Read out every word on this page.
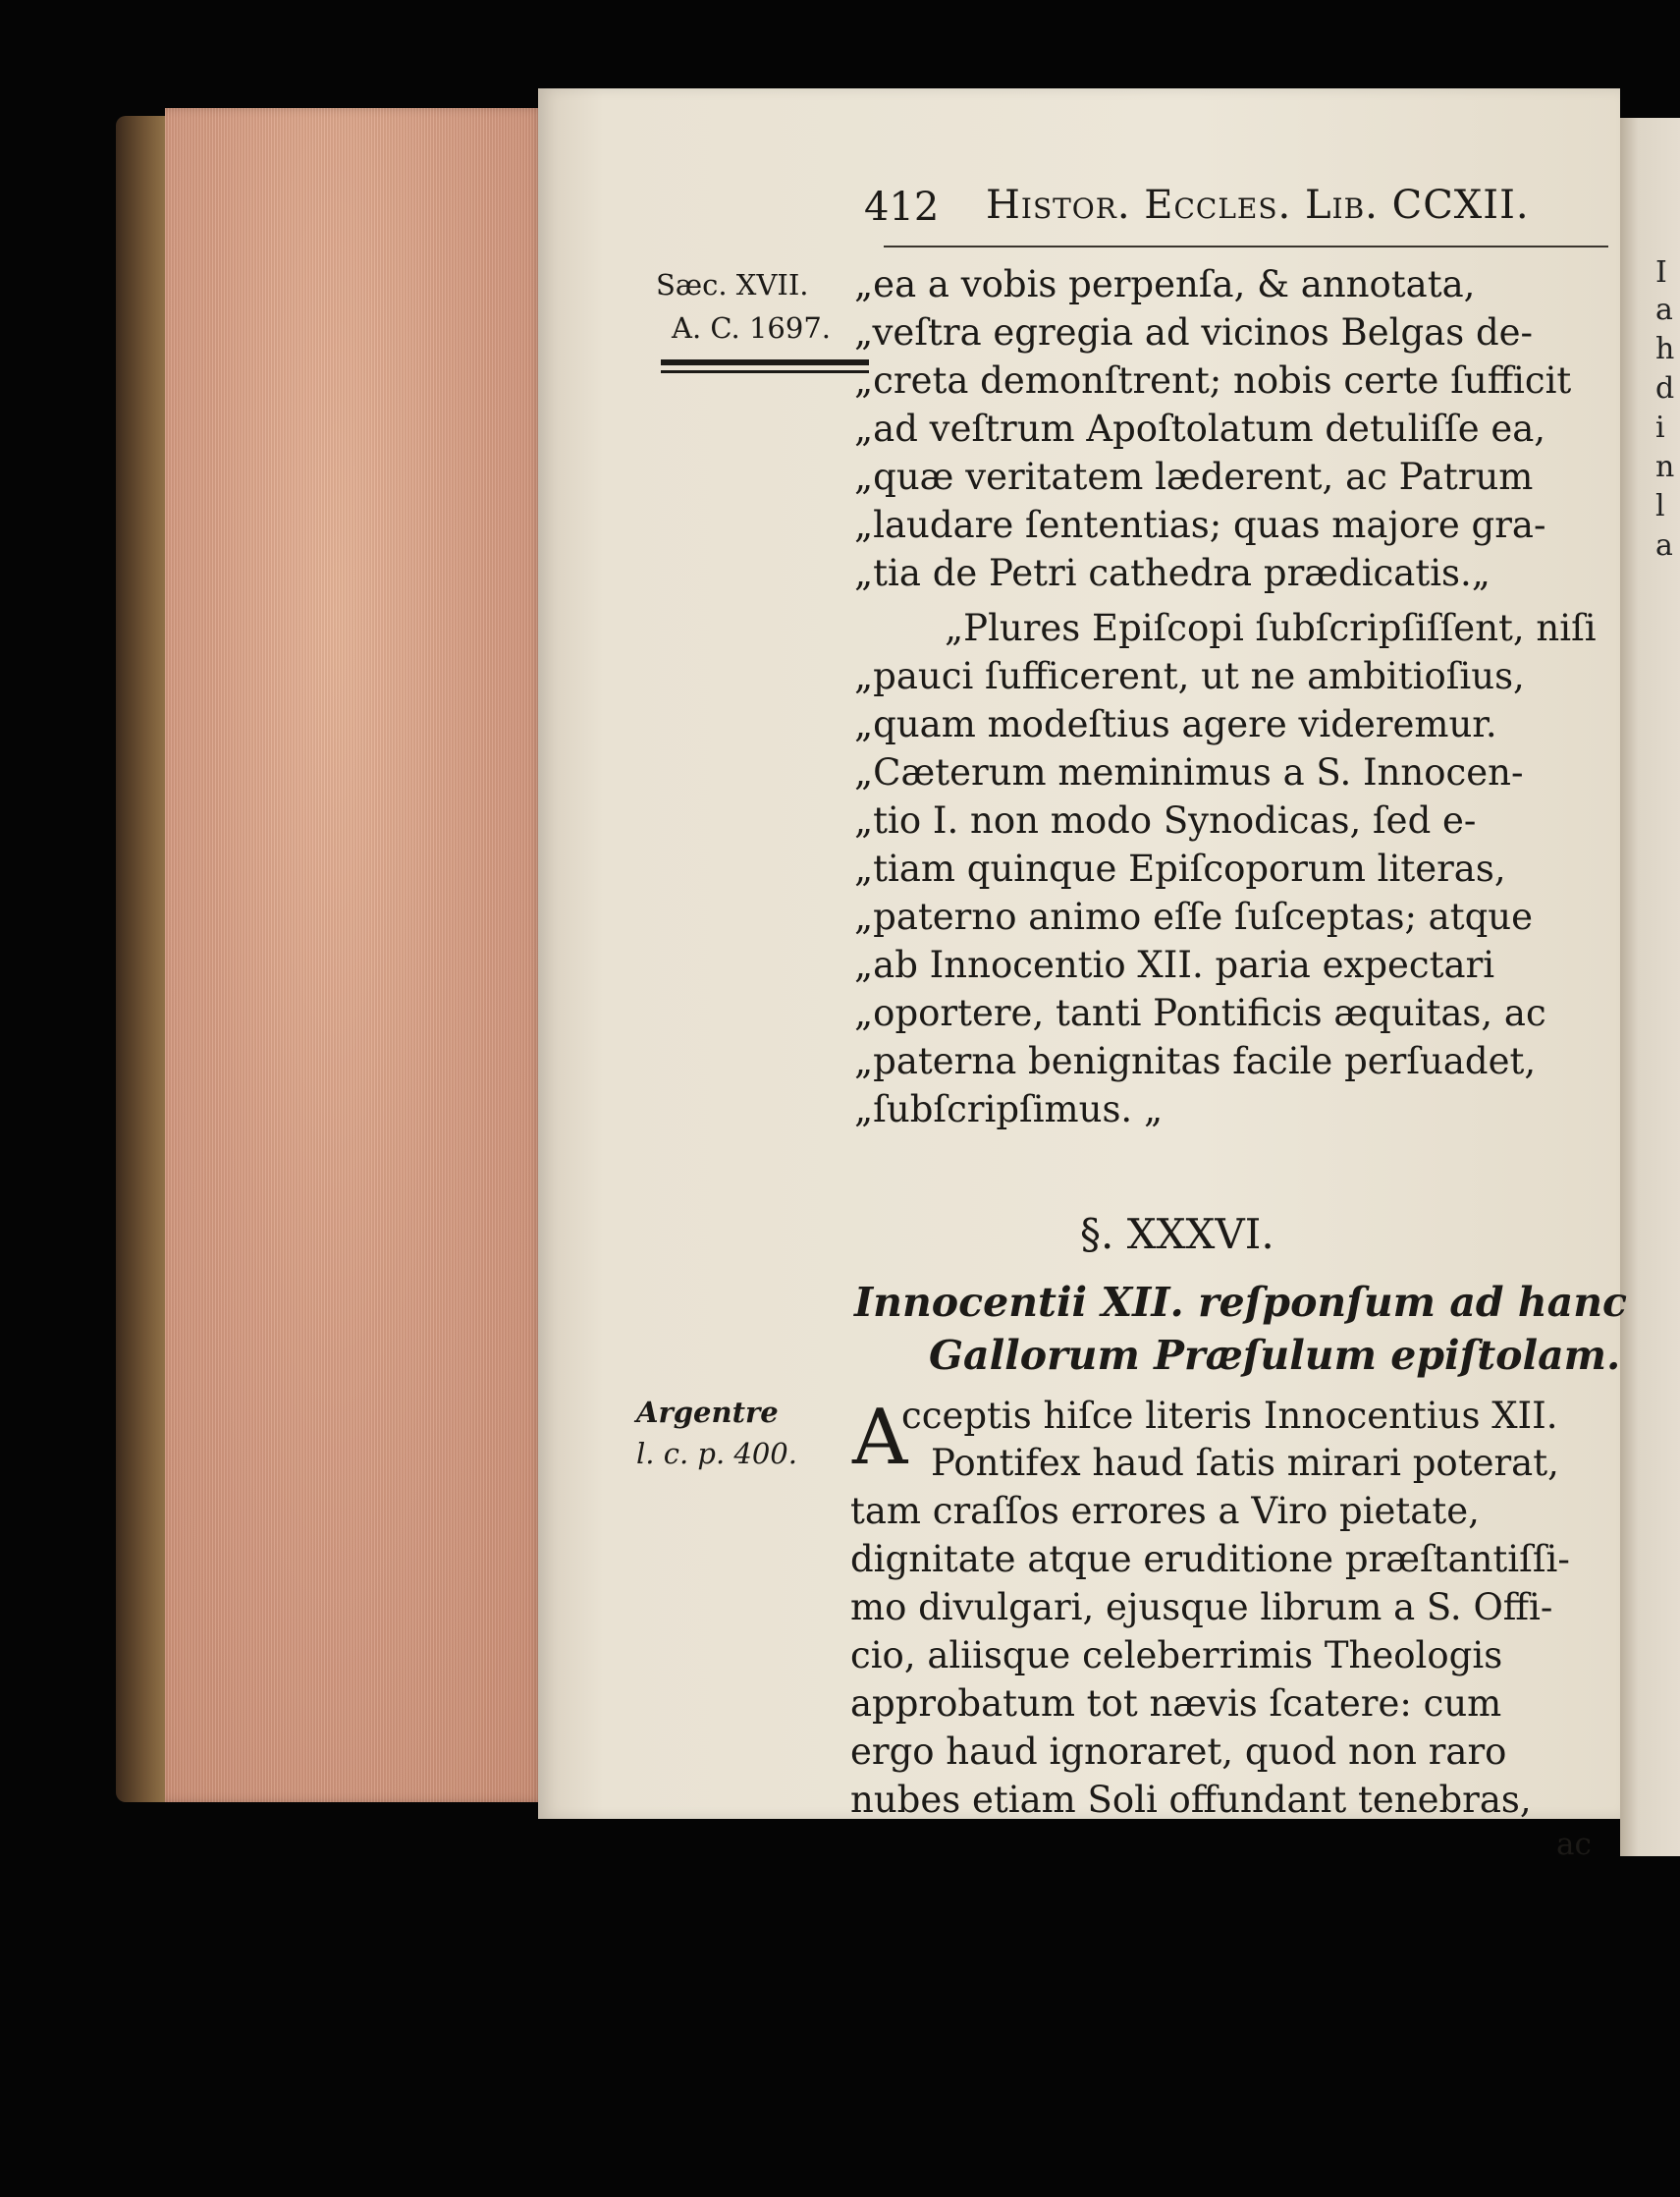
I
a
h
d
i
n
l
a
412 Histor. Eccles. Lib. CCXII.
Sæc. XVII.
A. C. 1697.
Argentre
l. c. p. 400.
„ea a vobis perpenſa, & annotata,
„veſtra egregia ad vicinos Belgas de-
„creta demonſtrent; nobis certe ſufficit
„ad veſtrum Apoſtolatum detuliſſe ea,
„quæ veritatem læderent, ac Patrum
„laudare ſententias; quas majore gra-
„tia de Petri cathedra prædicatis.„
„Plures Epiſcopi ſubſcripſiſſent, niſi
„pauci ſufficerent, ut ne ambitioſius,
„quam modeſtius agere videremur.
„Cæterum meminimus a S. Innocen-
„tio I. non modo Synodicas, ſed e-
„tiam quinque Epiſcoporum literas,
„paterno animo eſſe ſuſceptas; atque
„ab Innocentio XII. paria expectari
„oportere, tanti Pontificis æquitas, ac
„paterna benignitas facile perſuadet,
„ſubſcripſimus. „
§. XXXVI.
Innocentii XII. reſponſum ad hanc
Gallorum Præſulum epiſtolam.
A
cceptis hiſce literis Innocentius XII.
Pontifex haud ſatis mirari poterat,
tam craſſos errores a Viro pietate,
dignitate atque eruditione præſtantiſſi-
mo divulgari, ejusque librum a S. Offi-
cio, aliisque celeberrimis Theologis
approbatum tot nævis ſcatere: cum
ergo haud ignoraret, quod non raro
nubes etiam Soli offundant tenebras,
ac
